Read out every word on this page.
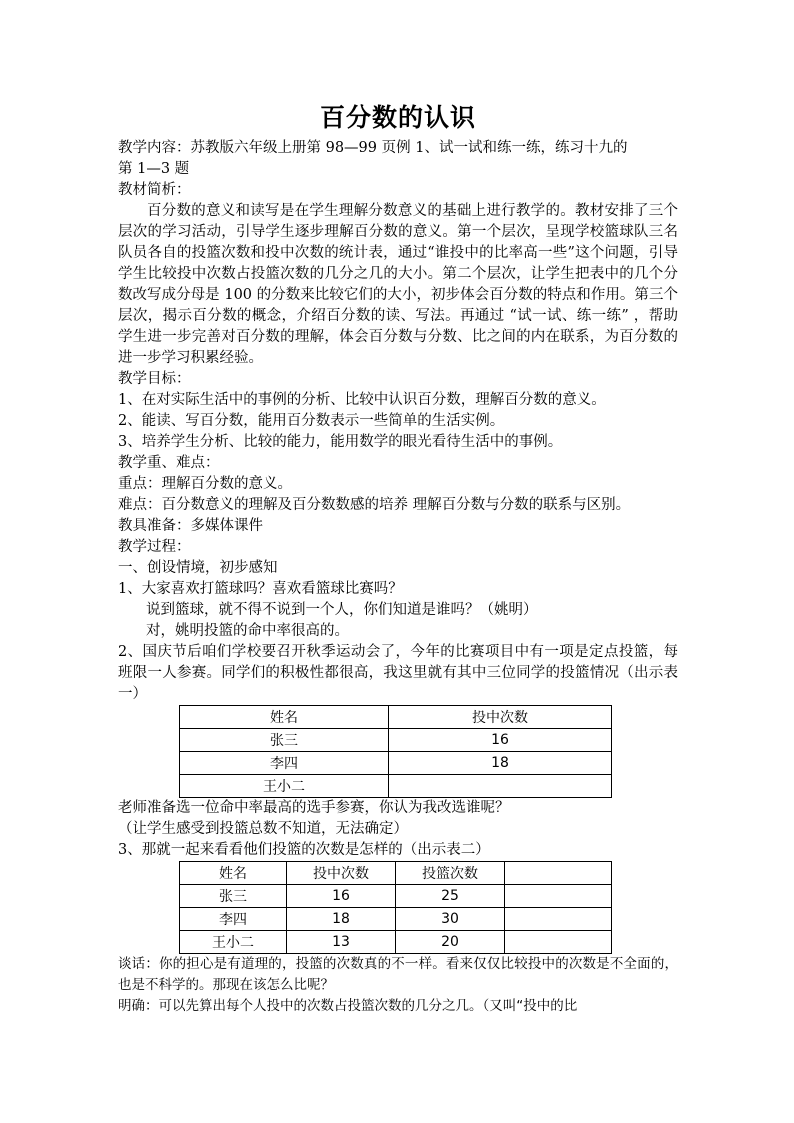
百分数的认识
教学内容：苏教版六年级上册第 98—99 页例 1、试一试和练一练，练习十九的
第 1—3 题
教材简析：
百分数的意义和读写是在学生理解分数意义的基础上进行教学的。教材安排了三个层次的学习活动，引导学生逐步理解百分数的意义。第一个层次，呈现学校篮球队三名队员各自的投篮次数和投中次数的统计表，通过“谁投中的比率高一些”这个问题，引导学生比较投中次数占投篮次数的几分之几的大小。第二个层次，让学生把表中的几个分数改写成分母是 100 的分数来比较它们的大小，初步体会百分数的特点和作用。第三个层次，揭示百分数的概念，介绍百分数的读、写法。再通过 “试一试、练一练” ，帮助学生进一步完善对百分数的理解，体会百分数与分数、比之间的内在联系，为百分数的进一步学习积累经验。
教学目标：
1、在对实际生活中的事例的分析、比较中认识百分数，理解百分数的意义。
2、能读、写百分数，能用百分数表示一些简单的生活实例。
3、培养学生分析、比较的能力，能用数学的眼光看待生活中的事例。
教学重、难点：
重点：理解百分数的意义。
难点：百分数意义的理解及百分数数感的培养 理解百分数与分数的联系与区别。
教具准备：多媒体课件
教学过程：
一、创设情境，初步感知
1、大家喜欢打篮球吗？喜欢看篮球比赛吗？
说到篮球，就不得不说到一个人，你们知道是谁吗？（姚明）
对，姚明投篮的命中率很高的。
2、国庆节后咱们学校要召开秋季运动会了，今年的比赛项目中有一项是定点投篮，每班限一人参赛。同学们的积极性都很高，我这里就有其中三位同学的投篮情况（出示表一）
姓名	投中次数
张三	16
李四	18
王小二	
老师准备选一位命中率最高的选手参赛，你认为我改选谁呢？
（让学生感受到投篮总数不知道，无法确定）
3、那就一起来看看他们投篮的次数是怎样的（出示表二）
姓名	投中次数	投篮次数	
张三	16	25	
李四	18	30	
王小二	13	20	
谈话：你的担心是有道理的，投篮的次数真的不一样。看来仅仅比较投中的次数是不全面的，也是不科学的。那现在该怎么比呢？
明确：可以先算出每个人投中的次数占投篮次数的几分之几。（又叫“投中的比
